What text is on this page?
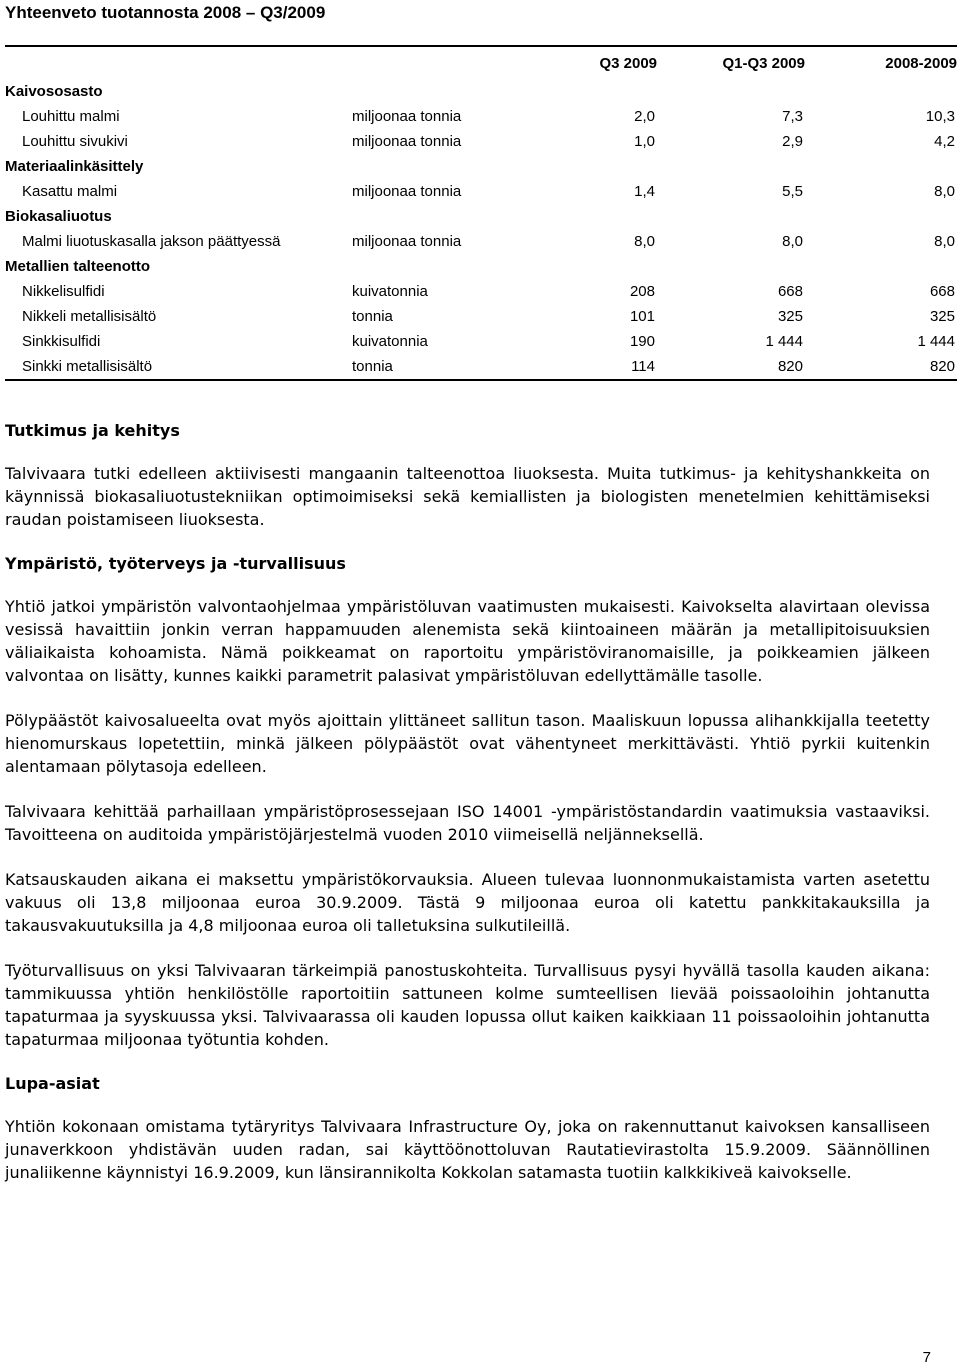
Yhteenveto tuotannosta 2008 – Q3/2009
		Q3 2009	Q1-Q3 2009	2008-2009
Kaivososasto				
Louhittu malmi	miljoonaa tonnia	2,0	7,3	10,3
Louhittu sivukivi	miljoonaa tonnia	1,0	2,9	4,2
Materiaalinkäsittely				
Kasattu malmi	miljoonaa tonnia	1,4	5,5	8,0
Biokasaliuotus				
Malmi liuotuskasalla jakson päättyessä	miljoonaa tonnia	8,0	8,0	8,0
Metallien talteenotto				
Nikkelisulfidi	kuivatonnia	208	668	668
Nikkeli metallisisältö	tonnia	101	325	325
Sinkkisulfidi	kuivatonnia	190	1 444	1 444
Sinkki metallisisältö	tonnia	114	820	820
Tutkimus ja kehitys

Talvivaara tutki edelleen aktiivisesti mangaanin talteenottoa liuoksesta. Muita tutkimus- ja kehityshankkeita on käynnissä biokasaliuotustekniikan optimoimiseksi sekä kemiallisten ja biologisten menetelmien kehittämiseksi raudan poistamiseen liuoksesta.

Ympäristö, työterveys ja -turvallisuus

Yhtiö jatkoi ympäristön valvontaohjelmaa ympäristöluvan vaatimusten mukaisesti. Kaivokselta alavirtaan olevissa vesissä havaittiin jonkin verran happamuuden alenemista sekä kiintoaineen määrän ja metallipitoisuuksien väliaikaista kohoamista. Nämä poikkeamat on raportoitu ympäristöviranomaisille, ja poikkeamien jälkeen valvontaa on lisätty, kunnes kaikki parametrit palasivat ympäristöluvan edellyttämälle tasolle.

Pölypäästöt kaivosalueelta ovat myös ajoittain ylittäneet sallitun tason. Maaliskuun lopussa alihankkijalla teetetty hienomurskaus lopetettiin, minkä jälkeen pölypäästöt ovat vähentyneet merkittävästi. Yhtiö pyrkii kuitenkin alentamaan pölytasoja edelleen.

Talvivaara kehittää parhaillaan ympäristöprosessejaan ISO 14001 -ympäristöstandardin vaatimuksia vastaaviksi. Tavoitteena on auditoida ympäristöjärjestelmä vuoden 2010 viimeisellä neljänneksellä.

Katsauskauden aikana ei maksettu ympäristökorvauksia. Alueen tulevaa luonnonmukaistamista varten asetettu vakuus oli 13,8 miljoonaa euroa 30.9.2009. Tästä 9 miljoonaa euroa oli katettu pankkitakauksilla ja takausvakuutuksilla ja 4,8 miljoonaa euroa oli talletuksina sulkutileillä.

Työturvallisuus on yksi Talvivaaran tärkeimpiä panostuskohteita. Turvallisuus pysyi hyvällä tasolla kauden aikana: tammikuussa yhtiön henkilöstölle raportoitiin sattuneen kolme sumteellisen lievää poissaoloihin johtanutta tapaturmaa ja syyskuussa yksi. Talvivaarassa oli kauden lopussa ollut kaiken kaikkiaan 11 poissaoloihin johtanutta tapaturmaa miljoonaa työtuntia kohden.

Lupa-asiat

Yhtiön kokonaan omistama tytäryritys Talvivaara Infrastructure Oy, joka on rakennuttanut kaivoksen kansalliseen junaverkkoon yhdistävän uuden radan, sai käyttöönottoluvan Rautatievirastolta 15.9.2009. Säännöllinen junaliikenne käynnistyi 16.9.2009, kun länsirannikolta Kokkolan satamasta tuotiin kalkkikiveä kaivokselle.

7
